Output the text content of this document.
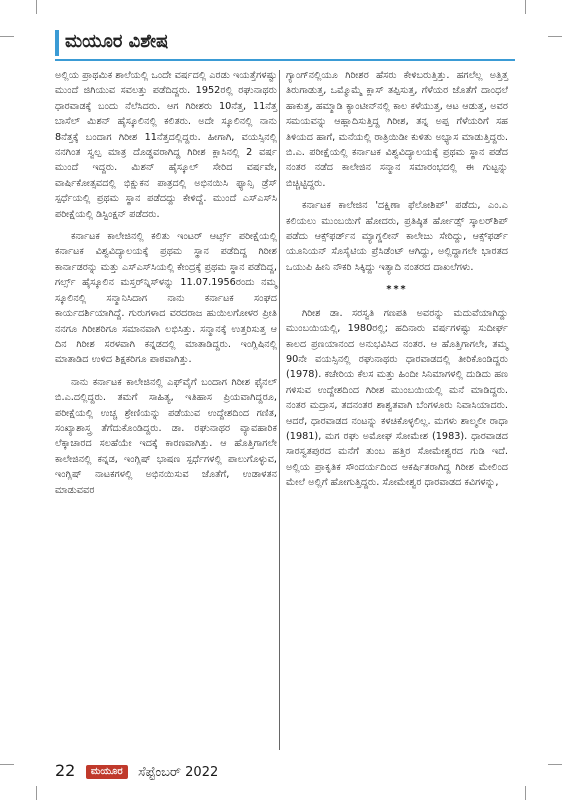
ಮಯೂರ ವಿಶೇಷ

ಅಲ್ಲಿಯ ಪ್ರಾಥಮಿಕ ಶಾಲೆಯಲ್ಲಿ ಒಂದೇ ವರ್ಷದಲ್ಲಿ ಎರಡು ಇಯತ್ತೆಗಳಷ್ಟು ಮುಂದೆ ಜಿಗಿಯುವ ಸವಲತ್ತು ಪಡೆದಿದ್ದರು. 1952ರಲ್ಲಿ ರಘುನಾಥರು ಧಾರವಾಡಕ್ಕೆ ಬಂದು ನೆಲೆಸಿದರು. ಆಗ ಗಿರೀಶರು 10ನೆತ್ತ, 11ನೆತ್ತ ಬಾಸೆಲ್ ಮಿಶನ್ ಹೈಸ್ಕೂಲಿನಲ್ಲಿ ಕಲಿತರು. ಅದೇ ಸ್ಕೂಲಿನಲ್ಲಿ ನಾನು 8ನೆತ್ತಕ್ಕೆ ಬಂದಾಗ ಗಿರೀಶ 11ನೆತ್ತದಲ್ಲಿದ್ದರು. ಹೀಗಾಗಿ, ವಯಸ್ಸಿನಲ್ಲಿ ನನಗಿಂತ ಸ್ವಲ್ಪ ಮಾತ್ರ ದೊಡ್ಡವರಾಗಿದ್ದ ಗಿರೀಶ ಕ್ಲಾಸಿನಲ್ಲಿ 2 ವರ್ಷ ಮುಂದೆ ಇದ್ದರು. ಮಿಶನ್ ಹೈಸ್ಕೂಲ್ ಸೇರಿದ ವರ್ಷವೇ, ವಾರ್ಷಿಕೋತ್ಸವದಲ್ಲಿ ಭಿಕ್ಷುಕನ ಪಾತ್ರದಲ್ಲಿ ಅಭಿನಯಿಸಿ ಫ್ಯಾನ್ಸಿ ಡ್ರೆಸ್ ಸ್ಪರ್ಧೆಯಲ್ಲಿ ಪ್ರಥಮ ಸ್ಥಾನ ಪಡೆದದ್ದು ಕೇಳಿದ್ದೆ. ಮುಂದೆ ಎಸ್‌ಎಸ್‌ಸಿ ಪರೀಕ್ಷೆಯಲ್ಲಿ ಡಿಸ್ಟಿಂಕ್ಷನ್ ಪಡೆದರು.

ಕರ್ನಾಟಕ ಕಾಲೇಜಿನಲ್ಲಿ ಕಲಿತು ಇಂಟರ್ ಆರ್ಟ್ಸ್ ಪರೀಕ್ಷೆಯಲ್ಲಿ ಕರ್ನಾಟಕ ವಿಶ್ವವಿದ್ಯಾಲಯಕ್ಕೆ ಪ್ರಥಮ ಸ್ಥಾನ ಪಡೆದಿದ್ದ ಗಿರೀಶ ಕಾರ್ನಾಡರನ್ನು ಮತ್ತು ಎಸ್‌ಎಸ್‌ಸಿಯಲ್ಲಿ ಕೇಂದ್ರಕ್ಕೆ ಪ್ರಥಮ ಸ್ಥಾನ ಪಡೆದಿದ್ದ, ಗರ್ಲ್ಸ್ ಹೈಸ್ಕೂಲಿನ ಮಸ್ತರ್‌ನ್ನಿಸ್‌ಳನ್ನು 11.07.1956ರಂದು ನಮ್ಮ ಸ್ಕೂಲಿನಲ್ಲಿ ಸನ್ಮಾನಿಸಿದಾಗ ನಾನು ಕರ್ನಾಟಕ ಸಂಘದ ಕಾರ್ಯದರ್ಶಿಯಾಗಿದ್ದೆ. ಗುರುಗಳಾದ ವರದರಾಜ ಹುಯಿಲಗೋಳರ ಪ್ರೀತಿ ನನಗೂ ಗಿರೀಶರಿಗೂ ಸಮಾನವಾಗಿ ಲಭಿಸಿತ್ತು. ಸನ್ಮಾನಕ್ಕೆ ಉತ್ತರಿಸುತ್ತ ಆ ದಿನ ಗಿರೀಶ ಸರಳವಾಗಿ ಕನ್ನಡದಲ್ಲಿ ಮಾತಾಡಿದ್ದರು. ಇಂಗ್ಲಿಷಿನಲ್ಲಿ ಮಾತಾಡಿದ ಉಳಿದ ಶಿಕ್ಷಕರಿಗೂ ಪಾಠವಾಗಿತ್ತು.

ನಾನು ಕರ್ನಾಟಕ ಕಾಲೇಜಿನಲ್ಲಿ ಎಫ್‌ವೈಗೆ ಬಂದಾಗ ಗಿರೀಶ ಫೈನಲ್ ಬಿ.ಎ.ದಲ್ಲಿದ್ದರು. ತಮಗೆ ಸಾಹಿತ್ಯ, ಇತಿಹಾಸ ಪ್ರಿಯವಾಗಿದ್ದರೂ, ಪರೀಕ್ಷೆಯಲ್ಲಿ ಉಚ್ಚ ಶ್ರೇಣಿಯನ್ನು ಪಡೆಯುವ ಉದ್ದೇಶದಿಂದ ಗಣಿತ, ಸಂಖ್ಯಾಶಾಸ್ತ್ರ ತೆಗೆದುಕೊಂಡಿದ್ದರು. ಡಾ. ರಘುನಾಥರ ವ್ಯಾವಹಾರಿಕ ಲೆಕ್ಕಾಚಾರದ ಸಲಹೆಯೇ ಇದಕ್ಕೆ ಕಾರಣವಾಗಿತ್ತು. ಆ ಹೊತ್ತಿಗಾಗಲೇ ಕಾಲೇಜಿನಲ್ಲಿ ಕನ್ನಡ, ಇಂಗ್ಲಿಷ್ ಭಾಷಣ ಸ್ಪರ್ಧೆಗಳಲ್ಲಿ ಪಾಲುಗೊಳ್ಳುವ, ಇಂಗ್ಲಿಷ್ ನಾಟಕಗಳಲ್ಲಿ ಅಭಿನಯಿಸುವ ಜೊತೆಗೆ, ಉಡಾಳತನ ಮಾಡುವವರ

ಗ್ಯಾಂಗ್‌ನಲ್ಲಿಯೂ ಗಿರೀಶರ ಹೆಸರು ಕೇಳಿಬರುತ್ತಿತ್ತು. ಹಗಲೆಲ್ಲ ಅತ್ತಿತ್ತ ತಿರುಗಾಡುತ್ತ, ಒಮ್ಮೊಮ್ಮೆ ಕ್ಲಾಸ್ ತಪ್ಪಿಸುತ್ತ, ಗೆಳೆಯರ ಜೊತೆಗೆ ದಾಂಧಲೆ ಹಾಕುತ್ತ, ಹಮ್ಮಾಡಿ ಕ್ಯಾಂಟೀನ್‌ನಲ್ಲಿ ಕಾಲ ಕಳೆಯುತ್ತ, ಆಟ ಆಡುತ್ತ, ಅವರ ಸಮಯವನ್ನು ಆಹ್ಲಾದಿಸುತ್ತಿದ್ದ ಗಿರೀಶ, ತನ್ನ ಅಪ್ಪ ಗೆಳೆಯರಿಗೆ ಸಹ ತಿಳಿಯದ ಹಾಗೆ, ಮನೆಯಲ್ಲಿ ರಾತ್ರಿಯಿಡೀ ಕುಳಿತು ಅಭ್ಯಾಸ ಮಾಡುತ್ತಿದ್ದರು. ಬಿ.ಎ. ಪರೀಕ್ಷೆಯಲ್ಲಿ ಕರ್ನಾಟಕ ವಿಶ್ವವಿದ್ಯಾಲಯಕ್ಕೆ ಪ್ರಥಮ ಸ್ಥಾನ ಪಡೆದ ನಂತರ ನಡೆದ ಕಾಲೇಜಿನ ಸನ್ಮಾನ ಸಮಾರಂಭದಲ್ಲಿ ಈ ಗುಟ್ಟನ್ನು ಬಿಚ್ಚಿಟ್ಟಿದ್ದರು.

ಕರ್ನಾಟಕ ಕಾಲೇಜಿನ 'ದಕ್ಷಿಣಾ ಫೆಲೋಶಿಪ್' ಪಡೆದು, ಎಂ.ಎ ಕಲಿಯಲು ಮುಂಬಯಿಗೆ ಹೋದರು, ಪ್ರತಿಷ್ಠಿತ ರ್ಹೋಡ್ಸ್ ಸ್ಕಾಲರ್‌ಶಿಪ್ ಪಡೆದು ಆಕ್ಸ್‌ಫರ್ಡ್‌ನ ಮ್ಯಾಗ್ಡಲೀನ್ ಕಾಲೇಜು ಸೇರಿದ್ದು, ಆಕ್ಸ್‌ಫರ್ಡ್ ಯೂನಿಯನ್ ಸೊಸೈಟಿಯ ಪ್ರೆಸಿಡೆಂಟ್ ಆಗಿದ್ದು, ಅಲ್ಲಿದ್ದಾಗಲೇ ಭಾರತದ ಒಯುಪಿ ಹೀನಿ ನೌಕರಿ ಸಿಕ್ಕಿದ್ದು ಇತ್ಯಾದಿ ನಂತರದ ದಾಖಲೆಗಳು.

***

ಗಿರೀಶ ಡಾ. ಸರಸ್ವತಿ ಗಣಪತಿ ಅವರನ್ನು ಮದುವೆಯಾಗಿದ್ದು ಮುಂಬಯಿಯಲ್ಲಿ, 1980ರಲ್ಲಿ; ಹದಿನಾರು ವರ್ಷಗಳಷ್ಟು ಸುದೀರ್ಘ ಕಾಲದ ಪ್ರಣಯಾನಂದ ಅನುಭವಿಸಿದ ನಂತರ. ಆ ಹೊತ್ತಿಗಾಗಲೇ, ತಮ್ಮ 90ನೇ ವಯಸ್ಸಿನಲ್ಲಿ ರಘುನಾಥರು ಧಾರವಾಡದಲ್ಲಿ ತೀರಿಕೊಂಡಿದ್ದರು (1978). ಕಚೇರಿಯ ಕೆಲಸ ಮತ್ತು ಹಿಂದೀ ಸಿನಿಮಾಗಳಲ್ಲಿ ದುಡಿದು ಹಣ ಗಳಿಸುವ ಉದ್ದೇಶದಿಂದ ಗಿರೀಶ ಮುಂಬಯಿಯಲ್ಲಿ ಮನೆ ಮಾಡಿದ್ದರು. ನಂತರ ಮದ್ರಾಸ, ತದನಂತರ ಶಾಶ್ವತವಾಗಿ ಬೆಂಗಳೂರು ನಿವಾಸಿಯಾದರು. ಆದರೆ, ಧಾರವಾಡದ ನಂಟನ್ನು ಕಳಚಿಕೊಳ್ಳಲಿಲ್ಲ. ಮಗಳು ಶಾಲ್ಮಲೀ ರಾಧಾ (1981), ಮಗ ರಘು ಅಮೋಘ ಸೋಮೇಶ (1983). ಧಾರವಾಡದ ಸಾರಸ್ವತಪುರದ ಮನೆಗೆ ತುಂಬ ಹತ್ತಿರ ಸೋಮೇಶ್ವರದ ಗುಡಿ ಇದೆ. ಅಲ್ಲಿಯ ಪ್ರಾಕೃತಿಕ ಸೌಂದರ್ಯದಿಂದ ಆಕರ್ಷಿತರಾಗಿದ್ದ ಗಿರೀಶ ಮೇಲಿಂದ ಮೇಲೆ ಅಲ್ಲಿಗೆ ಹೋಗುತ್ತಿದ್ದರು. ಸೋಮೇಶ್ವರ ಧಾರವಾಡದ ಕವಿಗಳನ್ನು,

22 ಮಯೂರ ಸೆಪ್ಟೆಂಬರ್ 2022
